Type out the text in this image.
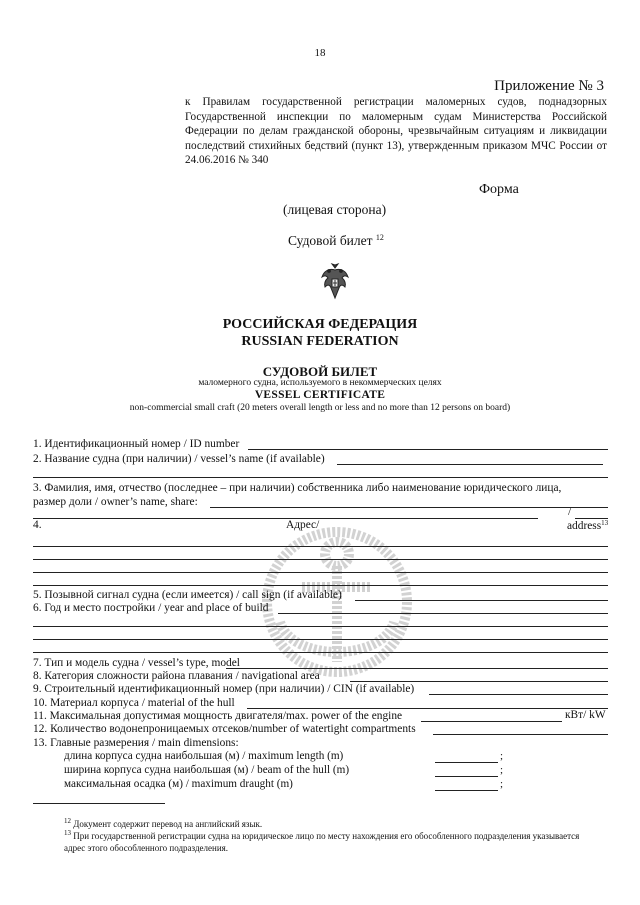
18
Приложение № 3

к Правилам государственной регистрации маломерных судов, поднадзорных Государственной инспекции по маломерным судам Министерства Российской Федерации по делам гражданской обороны, чрезвычайным ситуациям и ликвидации последствий стихийных бедствий (пункт 13), утвержденным приказом МЧС России от 24.06.2016 № 340

Форма
(лицевая сторона)
Судовой билет $^{12}$
РОССИЙСКАЯ ФЕДЕРАЦИЯ
RUSSIAN FEDERATION
СУДОВОЙ БИЛЕТ
маломерного судна, используемого в некоммерческих целях
VESSEL CERTIFICATE
non-commercial small craft (20 meters overall length or less and no more than 12 persons on board)
1. Идентификационный номер / ID number
2. Название судна (при наличии) / vessel’s name (if available)
3. Фамилия, имя, отчество (последнее – при наличии) собственника либо наименование юридического лица,
размер доли / owner’s name, share:
/
4.	Адрес/	address$^{13}$
5. Позывной сигнал судна (если имеется) / call sign (if available)
6. Год и место постройки / year and place of build
7. Тип и модель судна / vessel’s type, model
8. Категория сложности района плавания / navigational area
9. Строительный идентификационный номер (при наличии) / CIN (if available)
10. Материал корпуса / material of the hull
11. Максимальная допустимая мощность двигателя/max. power of the engine	кВт/ kW
12. Количество водонепроницаемых отсеков/number of watertight compartments
13. Главные размерения / main dimensions:
длина корпуса судна наибольшая (м) / maximum length (m)	;
ширина корпуса судна наибольшая (м) / beam of the hull (m)	;
максимальная осадка (м) / maximum draught (m)	;
$^{12}$ Документ содержит перевод на английский язык.
$^{13}$ При государственной регистрации судна на юридическое лицо по месту нахождения его обособленного подразделения указывается адрес этого обособленного подразделения.
